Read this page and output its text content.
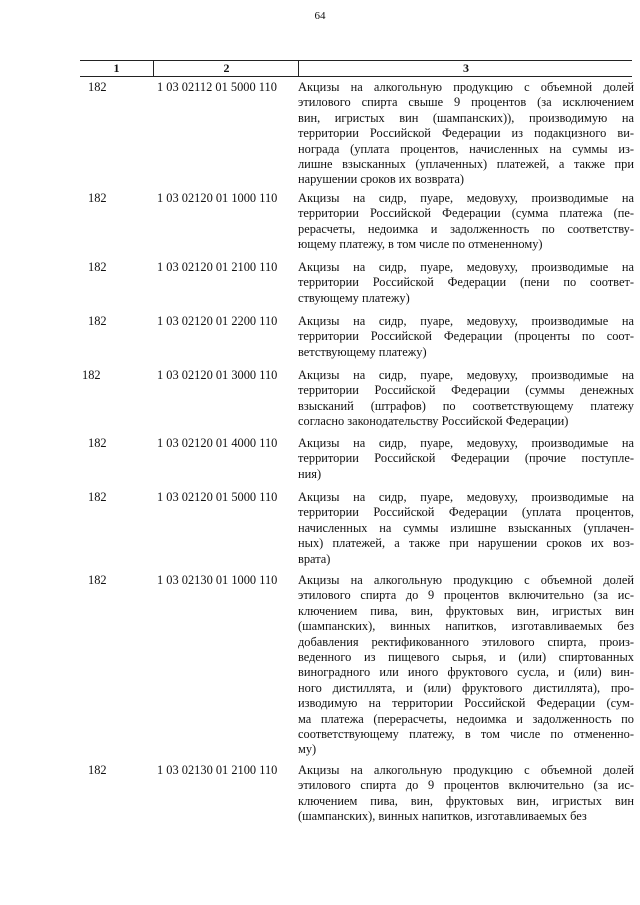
64
1	2	3
182	1 03 02112 01 5000 110	Акцизы на алкогольную продукцию с объемной долей
этилового спирта свыше 9 процентов (за исключением
вин, игристых вин (шампанских)), производимую на
территории Российской Федерации из подакцизного ви-
нограда (уплата процентов, начисленных на суммы из-
лишне взысканных (уплаченных) платежей, а также при
нарушении сроков их возврата)
182	1 03 02120 01 1000 110	Акцизы на сидр, пуаре, медовуху, производимые на
территории Российской Федерации (сумма платежа (пе-
рерасчеты, недоимка и задолженность по соответству-
ющему платежу, в том числе по отмененному)
182	1 03 02120 01 2100 110	Акцизы на сидр, пуаре, медовуху, производимые на
территории Российской Федерации (пени по соответ-
ствующему платежу)
182	1 03 02120 01 2200 110	Акцизы на сидр, пуаре, медовуху, производимые на
территории Российской Федерации (проценты по соот-
ветствующему платежу)
182	1 03 02120 01 3000 110	Акцизы на сидр, пуаре, медовуху, производимые на
территории Российской Федерации (суммы денежных
взысканий (штрафов) по соответствующему платежу
согласно законодательству Российской Федерации)
182	1 03 02120 01 4000 110	Акцизы на сидр, пуаре, медовуху, производимые на
территории Российской Федерации (прочие поступле-
ния)
182	1 03 02120 01 5000 110	Акцизы на сидр, пуаре, медовуху, производимые на
территории Российской Федерации (уплата процентов,
начисленных на суммы излишне взысканных (уплачен-
ных) платежей, а также при нарушении сроков их воз-
врата)
182	1 03 02130 01 1000 110	Акцизы на алкогольную продукцию с объемной долей
этилового спирта до 9 процентов включительно (за ис-
ключением пива, вин, фруктовых вин, игристых вин
(шампанских), винных напитков, изготавливаемых без
добавления ректификованного этилового спирта, произ-
веденного из пищевого сырья, и (или) спиртованных
виноградного или иного фруктового сусла, и (или) вин-
ного дистиллята, и (или) фруктового дистиллята), про-
изводимую на территории Российской Федерации (сум-
ма платежа (перерасчеты, недоимка и задолженность по
соответствующему платежу, в том числе по отмененно-
му)
182	1 03 02130 01 2100 110	Акцизы на алкогольную продукцию с объемной долей
этилового спирта до 9 процентов включительно (за ис-
ключением пива, вин, фруктовых вин, игристых вин
(шампанских), винных напитков, изготавливаемых без
